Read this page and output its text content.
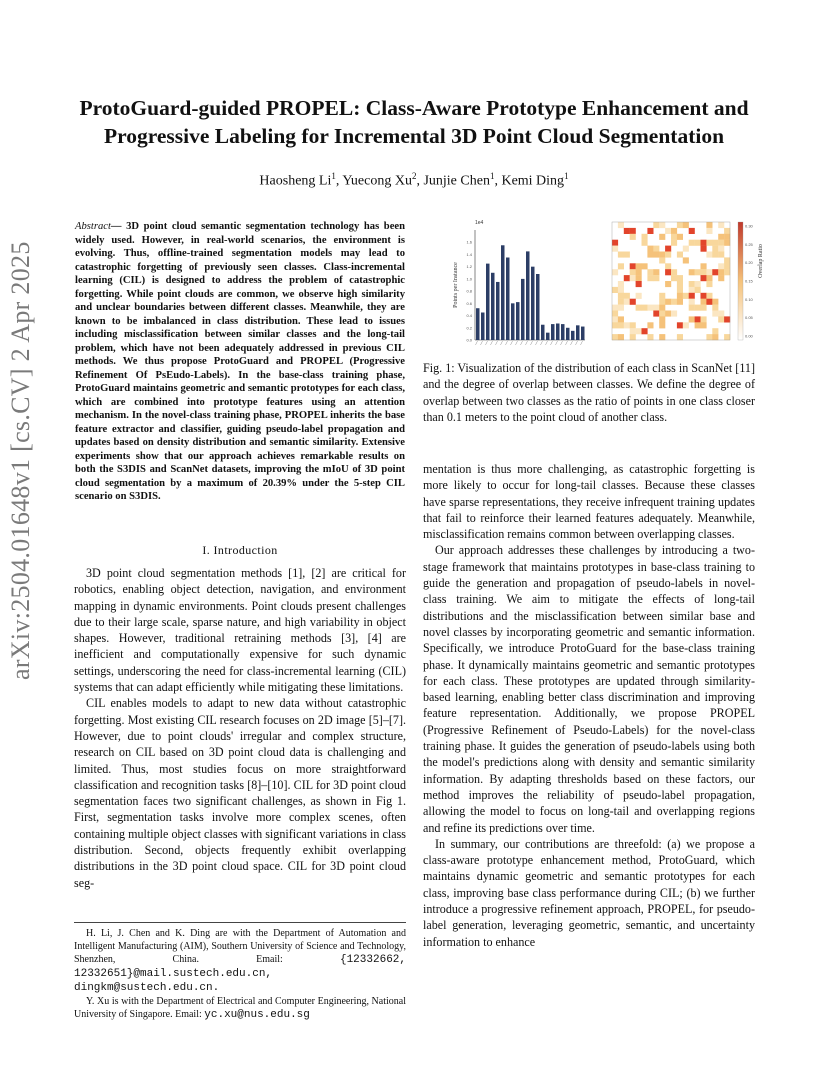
ProtoGuard-guided PROPEL: Class-Aware Prototype Enhancement and Progressive Labeling for Incremental 3D Point Cloud Segmentation
Haosheng Li$^1$, Yuecong Xu$^2$, Junjie Chen$^1$, Kemi Ding$^1$
arXiv:2504.01648v1 [cs.CV] 2 Apr 2025
Abstract— 3D point cloud semantic segmentation technology has been widely used. However, in real-world scenarios, the environment is evolving. Thus, offline-trained segmentation models may lead to catastrophic forgetting of previously seen classes. Class-incremental learning (CIL) is designed to address the problem of catastrophic forgetting. While point clouds are common, we observe high similarity and unclear boundaries between different classes. Meanwhile, they are known to be imbalanced in class distribution. These lead to issues including misclassification between similar classes and the long-tail problem, which have not been adequately addressed in previous CIL methods. We thus propose ProtoGuard and PROPEL (Progressive Refinement Of PsEudo-Labels). In the base-class training phase, ProtoGuard maintains geometric and semantic prototypes for each class, which are combined into prototype features using an attention mechanism. In the novel-class training phase, PROPEL inherits the base feature extractor and classifier, guiding pseudo-label propagation and updates based on density distribution and semantic similarity. Extensive experiments show that our approach achieves remarkable results on both the S3DIS and ScanNet datasets, improving the mIoU of 3D point cloud segmentation by a maximum of 20.39% under the 5-step CIL scenario on S3DIS.
I. Introduction

3D point cloud segmentation methods [1], [2] are critical for robotics, enabling object detection, navigation, and environment mapping in dynamic environments. Point clouds present challenges due to their large scale, sparse nature, and high variability in object shapes. However, traditional retraining methods [3], [4] are inefficient and computationally expensive for such dynamic settings, underscoring the need for class-incremental learning (CIL) systems that can adapt efficiently while mitigating these limitations.

CIL enables models to adapt to new data without catastrophic forgetting. Most existing CIL research focuses on 2D image [5]–[7]. However, due to point clouds' irregular and complex structure, research on CIL based on 3D point cloud data is challenging and limited. Thus, most studies focus on more straightforward classification and recognition tasks [8]–[10]. CIL for 3D point cloud segmentation faces two significant challenges, as shown in Fig 1. First, segmentation tasks involve more complex scenes, often containing multiple object classes with significant variations in class distribution. Second, objects frequently exhibit overlapping distributions in the 3D point cloud space. CIL for 3D point cloud seg-

H. Li, J. Chen and K. Ding are with the Department of Automation and Intelligent Manufacturing (AIM), Southern University of Science and Technology, Shenzhen, China. Email: {12332662, 12332651}@mail.sustech.edu.cn, dingkm@sustech.edu.cn.

Y. Xu is with the Department of Electrical and Computer Engineering, National University of Singapore. Email: yc.xu@nus.edu.sg

1e4
0.0
0.2
0.4
0.6
0.8
1.0
1.2
1.4
1.6
Points per Instance
0.30
0.25
0.20
0.15
0.10
0.05
0.00
Overlap Ratio
Fig. 1: Visualization of the distribution of each class in ScanNet [11] and the degree of overlap between classes. We define the degree of overlap between two classes as the ratio of points in one class closer than 0.1 meters to the point cloud of another class.

mentation is thus more challenging, as catastrophic forgetting is more likely to occur for long-tail classes. Because these classes have sparse representations, they receive infrequent training updates that fail to reinforce their learned features adequately. Meanwhile, misclassification remains common between overlapping classes.

Our approach addresses these challenges by introducing a two-stage framework that maintains prototypes in base-class training to guide the generation and propagation of pseudo-labels in novel-class training. We aim to mitigate the effects of long-tail distributions and the misclassification between similar base and novel classes by incorporating geometric and semantic information. Specifically, we introduce ProtoGuard for the base-class training phase. It dynamically maintains geometric and semantic prototypes for each class. These prototypes are updated through similarity-based learning, enabling better class discrimination and improving feature representation. Additionally, we propose PROPEL (Progressive Refinement of Pseudo-Labels) for the novel-class training phase. It guides the generation of pseudo-labels using both the model's predictions along with density and semantic similarity information. By adapting thresholds based on these factors, our method improves the reliability of pseudo-label propagation, allowing the model to focus on long-tail and overlapping regions and refine its predictions over time.

In summary, our contributions are threefold: (a) we propose a class-aware prototype enhancement method, ProtoGuard, which maintains dynamic geometric and semantic prototypes for each class, improving base class performance during CIL; (b) we further introduce a progressive refinement approach, PROPEL, for pseudo-label generation, leveraging geometric, semantic, and uncertainty information to enhance
